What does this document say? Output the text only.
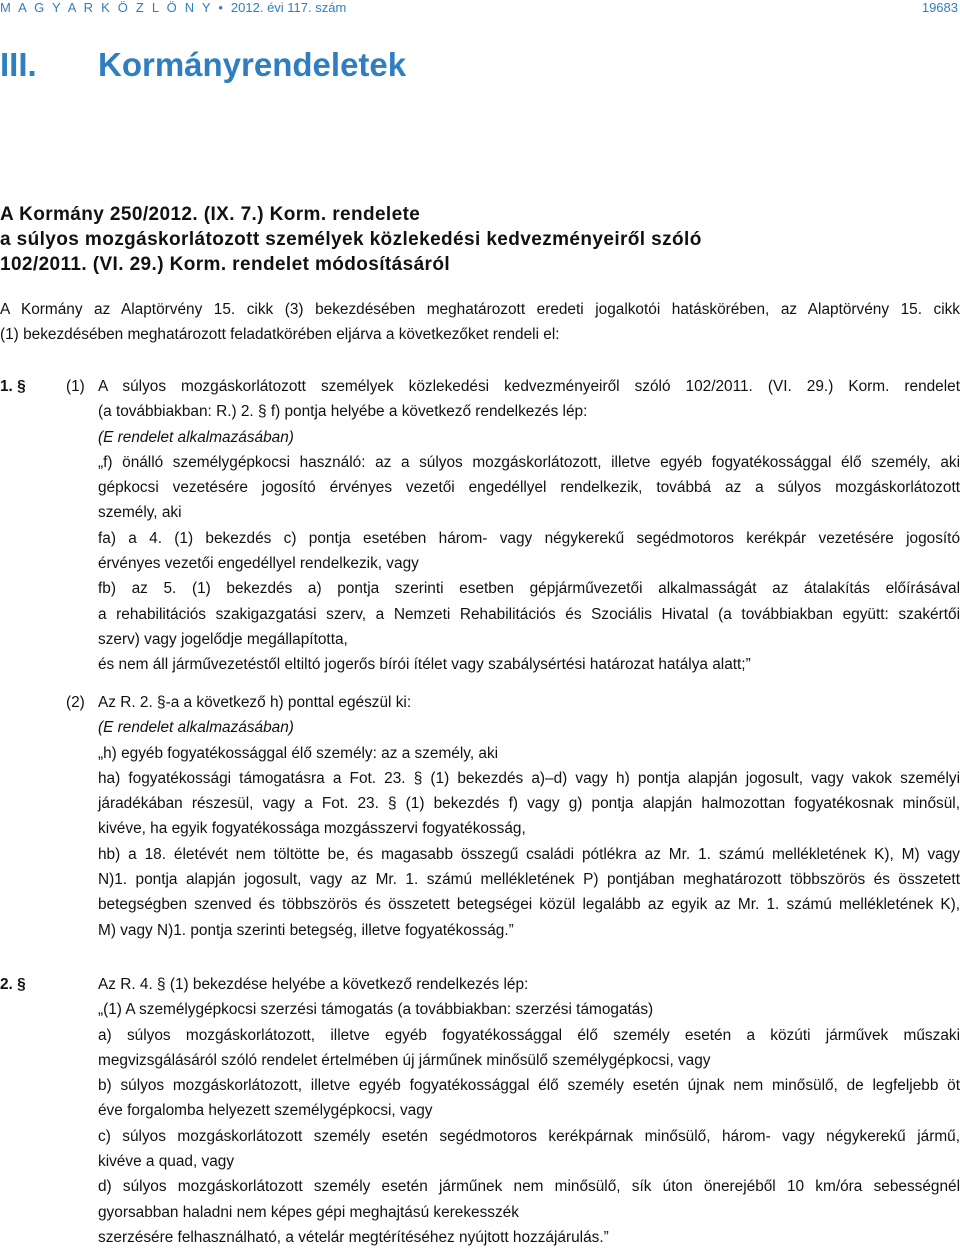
M A G Y A R K Ö Z L Ö N Y • 2012. évi 117. szám	19683
III. Kormányrendeletek
A Kormány 250/2012. (IX. 7.) Korm. rendelete
a súlyos mozgáskorlátozott személyek közlekedési kedvezményeiről szóló
102/2011. (VI. 29.) Korm. rendelet módosításáról
A Kormány az Alaptörvény 15. cikk (3) bekezdésében meghatározott eredeti jogalkotói hatáskörében, az Alaptörvény 15. cikk
(1) bekezdésében meghatározott feladatkörében eljárva a következőket rendeli el:
1. §	(1) A súlyos mozgáskorlátozott személyek közlekedési kedvezményeiről szóló 102/2011. (VI. 29.) Korm. rendelet
(a továbbiakban: R.) 2. § f) pontja helyébe a következő rendelkezés lép:
(E rendelet alkalmazásában)
„f) önálló személygépkocsi használó: az a súlyos mozgáskorlátozott, illetve egyéb fogyatékossággal élő személy, aki
gépkocsi vezetésére jogosító érvényes vezetői engedéllyel rendelkezik, továbbá az a súlyos mozgáskorlátozott
személy, aki
fa) a 4. (1) bekezdés c) pontja esetében három- vagy négykerekű segédmotoros kerékpár vezetésére jogosító
érvényes vezetői engedéllyel rendelkezik, vagy
fb) az 5. (1) bekezdés a) pontja szerinti esetben gépjárművezetői alkalmasságát az átalakítás előírásával
a rehabilitációs szakigazgatási szerv, a Nemzeti Rehabilitációs és Szociális Hivatal (a továbbiakban együtt: szakértői
szerv) vagy jogelődje megállapította,
és nem áll járművezetéstől eltiltó jogerős bírói ítélet vagy szabálysértési határozat hatálya alatt;”
(2) Az R. 2. §-a a következő h) ponttal egészül ki:
(E rendelet alkalmazásában)
„h) egyéb fogyatékossággal élő személy: az a személy, aki
ha) fogyatékossági támogatásra a Fot. 23. § (1) bekezdés a)–d) vagy h) pontja alapján jogosult, vagy vakok személyi
járadékában részesül, vagy a Fot. 23. § (1) bekezdés f) vagy g) pontja alapján halmozottan fogyatékosnak minősül,
kivéve, ha egyik fogyatékossága mozgásszervi fogyatékosság,
hb) a 18. életévét nem töltötte be, és magasabb összegű családi pótlékra az Mr. 1. számú mellékletének K), M) vagy
N)1. pontja alapján jogosult, vagy az Mr. 1. számú mellékletének P) pontjában meghatározott többszörös és összetett
betegségben szenved és többszörös és összetett betegségei közül legalább az egyik az Mr. 1. számú mellékletének K),
M) vagy N)1. pontja szerinti betegség, illetve fogyatékosság.”
2. §	Az R. 4. § (1) bekezdése helyébe a következő rendelkezés lép:
„(1) A személygépkocsi szerzési támogatás (a továbbiakban: szerzési támogatás)
a) súlyos mozgáskorlátozott, illetve egyéb fogyatékossággal élő személy esetén a közúti járművek műszaki
megvizsgálásáról szóló rendelet értelmében új járműnek minősülő személygépkocsi, vagy
b) súlyos mozgáskorlátozott, illetve egyéb fogyatékossággal élő személy esetén újnak nem minősülő, de legfeljebb öt
éve forgalomba helyezett személygépkocsi, vagy
c) súlyos mozgáskorlátozott személy esetén segédmotoros kerékpárnak minősülő, három- vagy négykerekű jármű,
kivéve a quad, vagy
d) súlyos mozgáskorlátozott személy esetén járműnek nem minősülő, sík úton önerejéből 10 km/óra sebességnél
gyorsabban haladni nem képes gépi meghajtású kerekesszék
szerzésére felhasználható, a vételár megtérítéséhez nyújtott hozzájárulás.”
